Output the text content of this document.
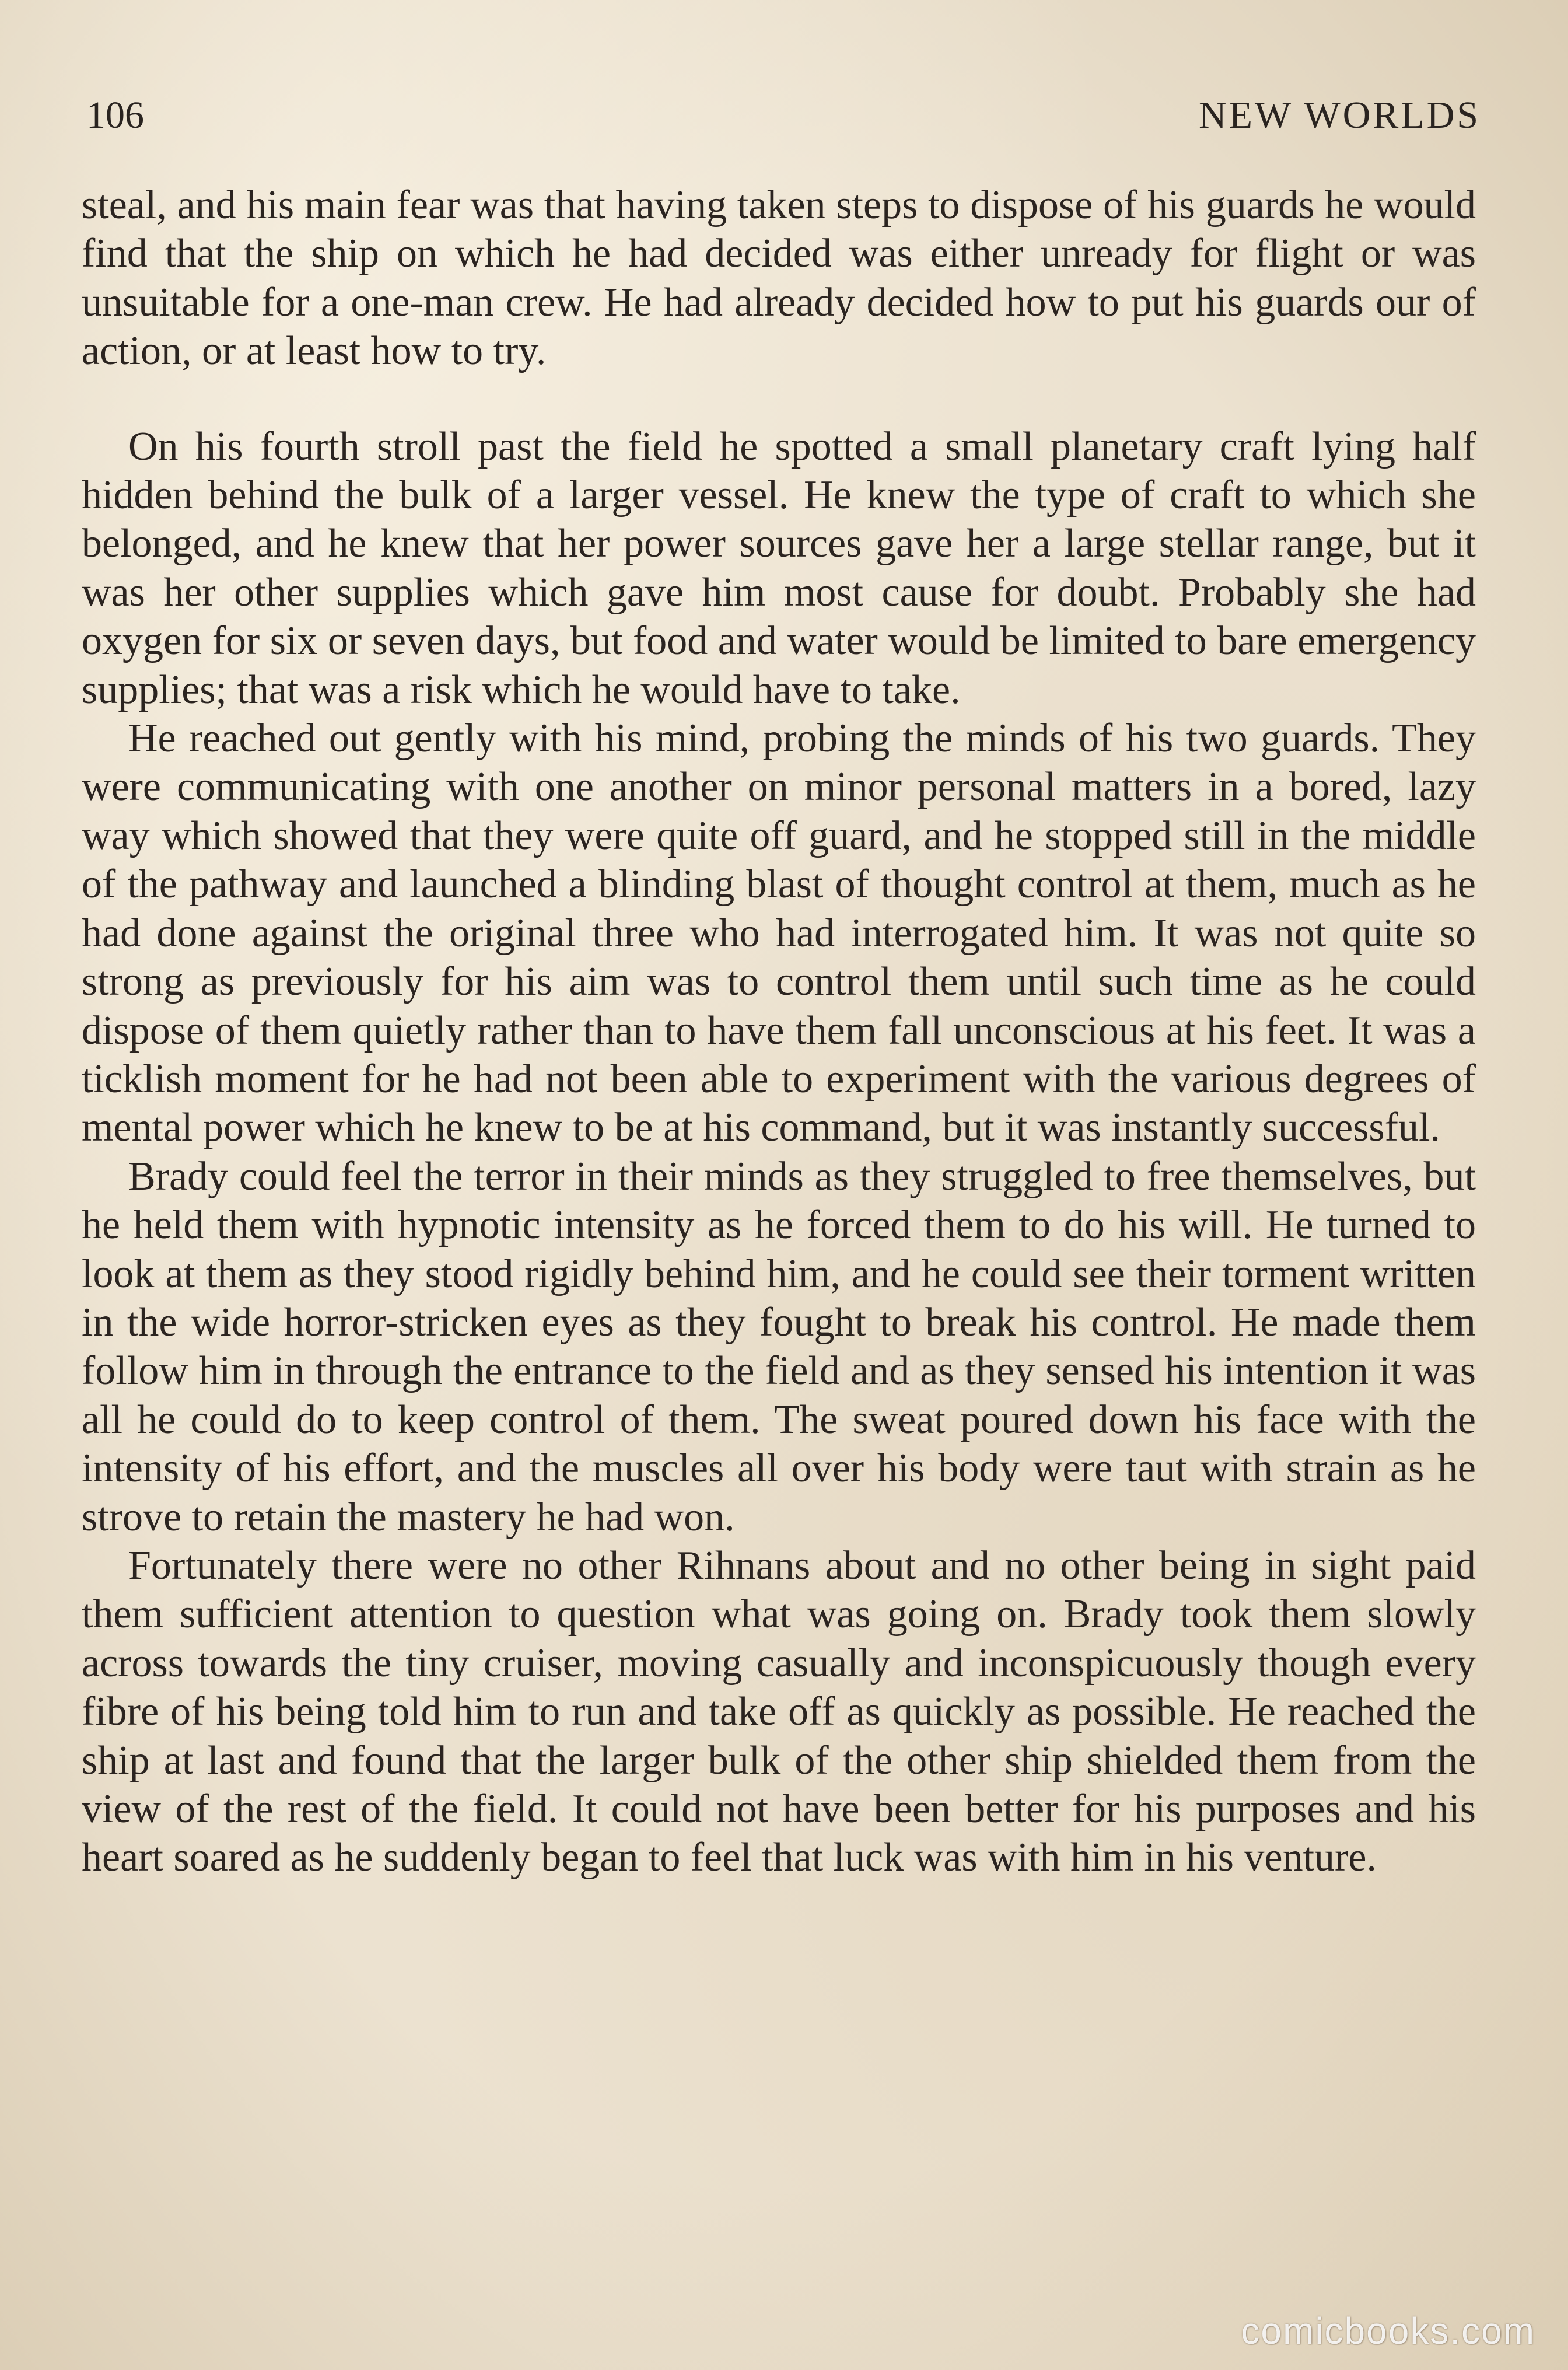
106	NEW WORLDS

steal, and his main fear was that having taken steps to dispose of his guards he would find that the ship on which he had decided was either unready for flight or was unsuitable for a one-man crew. He had already decided how to put his guards our of action, or at least how to try.

On his fourth stroll past the field he spotted a small planetary craft lying half hidden behind the bulk of a larger vessel. He knew the type of craft to which she belonged, and he knew that her power sources gave her a large stellar range, but it was her other supplies which gave him most cause for doubt. Probably she had oxygen for six or seven days, but food and water would be limited to bare emergency supplies; that was a risk which he would have to take.

He reached out gently with his mind, probing the minds of his two guards. They were communicating with one another on minor personal matters in a bored, lazy way which showed that they were quite off guard, and he stopped still in the middle of the pathway and launched a blinding blast of thought control at them, much as he had done against the original three who had interrogated him. It was not quite so strong as previously for his aim was to control them until such time as he could dispose of them quietly rather than to have them fall unconscious at his feet. It was a ticklish moment for he had not been able to experiment with the various degrees of mental power which he knew to be at his command, but it was instantly successful.

Brady could feel the terror in their minds as they struggled to free themselves, but he held them with hypnotic intensity as he forced them to do his will. He turned to look at them as they stood rigidly behind him, and he could see their torment written in the wide horror-stricken eyes as they fought to break his control. He made them follow him in through the entrance to the field and as they sensed his intention it was all he could do to keep control of them. The sweat poured down his face with the intensity of his effort, and the muscles all over his body were taut with strain as he strove to retain the mastery he had won.

Fortunately there were no other Rihnans about and no other being in sight paid them sufficient attention to question what was going on. Brady took them slowly across towards the tiny cruiser, moving casually and inconspicuously though every fibre of his being told him to run and take off as quickly as possible. He reached the ship at last and found that the larger bulk of the other ship shielded them from the view of the rest of the field. It could not have been better for his purposes and his heart soared as he suddenly began to feel that luck was with him in his venture.

comicbooks.com
